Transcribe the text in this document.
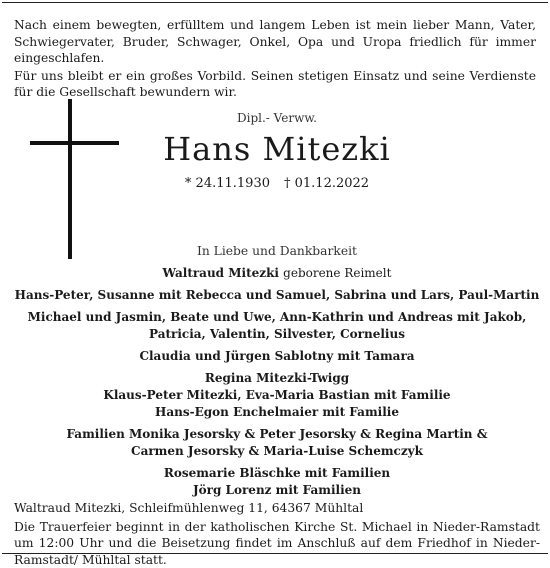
Nach einem bewegten, erfülltem und langem Leben ist mein lieber Mann, Vater, Schwiegervater, Bruder, Schwager, Onkel, Opa und Uropa friedlich für immer eingeschlafen.

Für uns bleibt er ein großes Vorbild. Seinen stetigen Einsatz und seine Verdienste für die Gesellschaft bewundern wir.

Dipl.- Verww.
Hans Mitezki
* 24.11.1930 † 01.12.2022
In Liebe und Dankbarkeit
Waltraud Mitezki geborene Reimelt
Hans-Peter, Susanne mit Rebecca und Samuel, Sabrina und Lars, Paul-Martin
Michael und Jasmin, Beate und Uwe, Ann-Kathrin und Andreas mit Jakob,
Patricia, Valentin, Silvester, Cornelius
Claudia und Jürgen Sablotny mit Tamara
Regina Mitezki-Twigg
Klaus-Peter Mitezki, Eva-Maria Bastian mit Familie
Hans-Egon Enchelmaier mit Familie
Familien Monika Jesorsky & Peter Jesorsky & Regina Martin &
Carmen Jesorsky & Maria-Luise Schemczyk
Rosemarie Bläschke mit Familien
Jörg Lorenz mit Familien

Waltraud Mitezki, Schleifmühlenweg 11, 64367 Mühltal

Die Trauerfeier beginnt in der katholischen Kirche St. Michael in Nieder-Ramstadt um 12:00 Uhr und die Beisetzung findet im Anschluß auf dem Friedhof in Nieder-Ramstadt/ Mühltal statt.
